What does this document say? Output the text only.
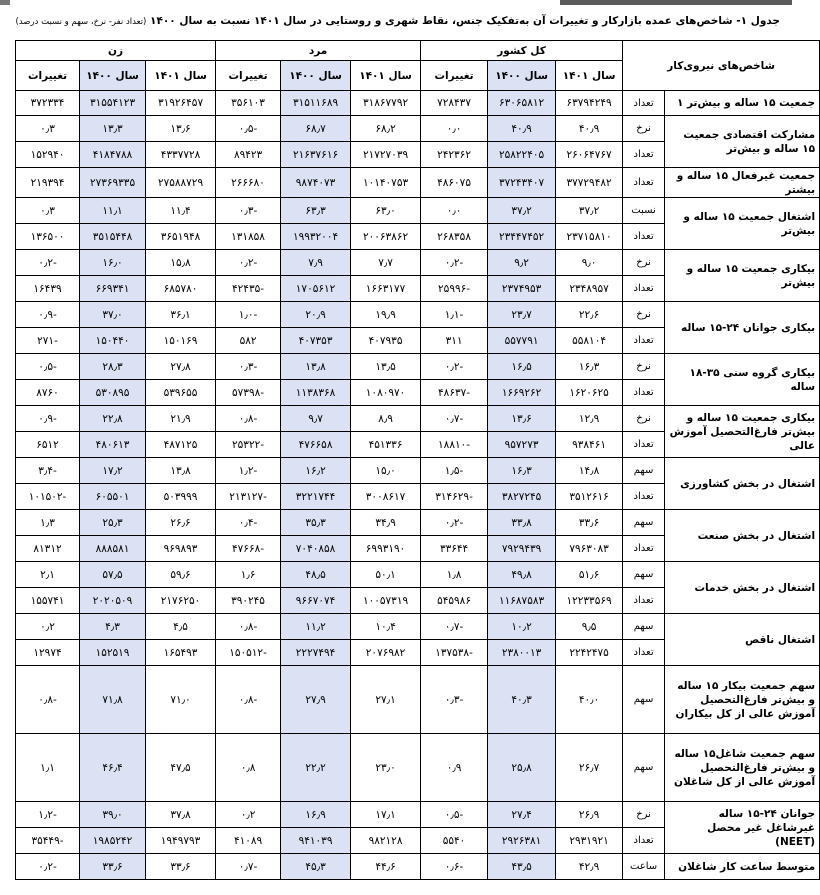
جدول ۱- شاخص‌های عمده بازارکار و تغییرات آن به‌تفکیک جنس، نقاط شهری و روستایی در سال ۱۴۰۱ نسبت به سال ۱۴۰۰ (تعداد نفر- نرخ، سهم و نسبت درصد)
شاخص‌های نیروی‌کار		کل کشور			مرد			زن		
		سال ۱۴۰۱	سال ۱۴۰۰	تغییرات	سال ۱۴۰۱	سال ۱۴۰۰	تغییرات	سال ۱۴۰۱	سال ۱۴۰۰	تغییرات
جمعیت ۱۵ ساله و بیش‌تر ۱	تعداد	۶۳۷۹۴۲۴۹	۶۳۰۶۵۸۱۲	۷۲۸۴۳۷	۳۱۸۶۷۷۹۲	۳۱۵۱۱۶۸۹	۳۵۶۱۰۳	۳۱۹۲۶۴۵۷	۳۱۵۵۴۱۲۳	۳۷۲۳۳۴
مشارکت اقتصادی جمعیت ۱۵ ساله و بیش‌تر	نرخ	۴۰٫۹	۴۰٫۹	۰٫۰	۶۸٫۲	۶۸٫۷	-۰٫۵	۱۳٫۶	۱۳٫۳	۰٫۳
	تعداد	۲۶۰۶۴۷۶۷	۲۵۸۲۲۴۰۵	۲۴۲۳۶۲	۲۱۷۲۷۰۳۹	۲۱۶۳۷۶۱۶	۸۹۴۲۳	۴۳۳۷۷۲۸	۴۱۸۴۷۸۸	۱۵۲۹۴۰
جمعیت غیرفعال ۱۵ ساله و بیشتر	تعداد	۳۷۷۲۹۴۸۲	۳۷۲۴۳۴۰۷	۴۸۶۰۷۵	۱۰۱۴۰۷۵۳	۹۸۷۴۰۷۳	۲۶۶۶۸۰	۲۷۵۸۸۷۲۹	۲۷۳۶۹۳۳۵	۲۱۹۳۹۴
اشتغال جمعیت ۱۵ ساله و بیش‌تر	نسبت	۳۷٫۲	۳۷٫۲	۰٫۰	۶۳٫۰	۶۳٫۳	-۰٫۳	۱۱٫۴	۱۱٫۱	۰٫۳
	تعداد	۲۳۷۱۵۸۱۰	۲۳۴۴۷۴۵۲	۲۶۸۳۵۸	۲۰۰۶۳۸۶۲	۱۹۹۳۲۰۰۴	۱۳۱۸۵۸	۳۶۵۱۹۴۸	۳۵۱۵۴۴۸	۱۳۶۵۰۰
بیکاری جمعیت ۱۵ ساله و بیش‌تر	نرخ	۹٫۰	۹٫۲	-۰٫۲	۷٫۷	۷٫۹	-۰٫۲	۱۵٫۸	۱۶٫۰	-۰٫۲
	تعداد	۲۳۴۸۹۵۷	۲۳۷۴۹۵۳	-۲۵۹۹۶	۱۶۶۳۱۷۷	۱۷۰۵۶۱۲	-۴۲۴۳۵	۶۸۵۷۸۰	۶۶۹۳۴۱	۱۶۴۳۹
بیکاری جوانان ۲۴-۱۵ ساله	نرخ	۲۲٫۶	۲۳٫۷	-۱٫۱	۱۹٫۹	۲۰٫۹	-۱٫۰	۳۶٫۱	۳۷٫۰	-۰٫۹
	تعداد	۵۵۸۱۰۴	۵۵۷۷۹۱	۳۱۱	۴۰۷۹۳۵	۴۰۷۳۵۳	۵۸۲	۱۵۰۱۶۹	۱۵۰۴۴۰	-۲۷۱
بیکاری گروه سنی ۳۵-۱۸ ساله	نرخ	۱۶٫۳	۱۶٫۵	-۰٫۲	۱۳٫۵	۱۳٫۸	-۰٫۳	۲۷٫۸	۲۸٫۳	-۰٫۵
	تعداد	۱۶۲۰۶۲۵	۱۶۶۹۲۶۲	-۴۸۶۳۷	۱۰۸۰۹۷۰	۱۱۳۸۳۶۸	-۵۷۳۹۸	۵۳۹۶۵۵	۵۳۰۸۹۵	۸۷۶۰
بیکاری جمعیت ۱۵ ساله و بیش‌تر فارغ‌التحصیل آموزش عالی	نرخ	۱۲٫۹	۱۳٫۶	-۰٫۷	۸٫۹	۹٫۷	-۰٫۸	۲۱٫۹	۲۲٫۸	-۰٫۹
	تعداد	۹۳۸۴۶۱	۹۵۷۲۷۳	-۱۸۸۱۰	۴۵۱۳۳۶	۴۷۶۶۵۸	-۲۵۳۲۲	۴۸۷۱۲۵	۴۸۰۶۱۳	۶۵۱۲
اشتغال در بخش کشاورزی	سهم	۱۴٫۸	۱۶٫۳	-۱٫۵	۱۵٫۰	۱۶٫۲	-۱٫۲	۱۳٫۸	۱۷٫۲	-۳٫۴
	تعداد	۳۵۱۲۶۱۶	۳۸۲۷۲۴۵	-۳۱۴۶۲۹	۳۰۰۸۶۱۷	۳۲۲۱۷۴۴	-۲۱۳۱۲۷	۵۰۳۹۹۹	۶۰۵۵۰۱	-۱۰۱۵۰۲
اشتغال در بخش صنعت	سهم	۳۳٫۶	۳۳٫۸	-۰٫۲	۳۴٫۹	۳۵٫۳	-۰٫۴	۲۶٫۶	۲۵٫۳	۱٫۳
	تعداد	۷۹۶۳۰۸۳	۷۹۲۹۴۳۹	۳۳۶۴۴	۶۹۹۳۱۹۰	۷۰۴۰۸۵۸	-۴۷۶۶۸	۹۶۹۸۹۳	۸۸۸۵۸۱	۸۱۳۱۲
اشتغال در بخش خدمات	سهم	۵۱٫۶	۴۹٫۸	۱٫۸	۵۰٫۱	۴۸٫۵	۱٫۶	۵۹٫۶	۵۷٫۵	۲٫۱
	تعداد	۱۲۲۳۳۵۶۹	۱۱۶۸۷۵۸۳	۵۴۵۹۸۶	۱۰۰۵۷۳۱۹	۹۶۶۷۰۷۴	۳۹۰۲۴۵	۲۱۷۶۲۵۰	۲۰۲۰۵۰۹	۱۵۵۷۴۱
اشتغال ناقص	سهم	۹٫۵	۱۰٫۲	-۰٫۷	۱۰٫۴	۱۱٫۲	-۰٫۸	۴٫۵	۴٫۳	۰٫۲
	تعداد	۲۲۴۲۴۷۵	۲۳۸۰۰۱۳	-۱۳۷۵۳۸	۲۰۷۶۹۸۲	۲۲۲۷۴۹۴	-۱۵۰۵۱۲	۱۶۵۴۹۳	۱۵۲۵۱۹	۱۲۹۷۴
سهم جمعیت بیکار ۱۵ ساله و بیش‌تر فارغ‌التحصیل آموزش عالی از کل بیکاران	سهم	۴۰٫۰	۴۰٫۳	-۰٫۳	۲۷٫۱	۲۷٫۹	-۰٫۸	۷۱٫۰	۷۱٫۸	-۰٫۸
سهم جمعیت شاغل۱۵ ساله و بیش‌تر فارغ‌التحصیل آموزش عالی از کل شاغلان	سهم	۲۶٫۷	۲۵٫۸	۰٫۹	۲۳٫۰	۲۲٫۲	۰٫۸	۴۷٫۵	۴۶٫۴	۱٫۱
جوانان ۲۴-۱۵ ساله غیرشاغل غیر محصل (NEET)	نرخ	۲۶٫۹	۲۷٫۴	-۰٫۵	۱۷٫۱	۱۶٫۹	۰٫۲	۳۷٫۸	۳۹٫۰	-۱٫۲
	تعداد	۲۹۳۱۹۲۱	۲۹۲۶۳۸۱	۵۵۴۰	۹۸۲۱۲۸	۹۴۱۰۳۹	۴۱۰۸۹	۱۹۴۹۷۹۳	۱۹۸۵۲۴۲	-۳۵۴۴۹
متوسط ساعت کار شاغلان	ساعت	۴۲٫۹	۴۳٫۵	-۰٫۶	۴۴٫۶	۴۵٫۳	-۰٫۷	۳۳٫۶	۳۳٫۶	-۰٫۲
